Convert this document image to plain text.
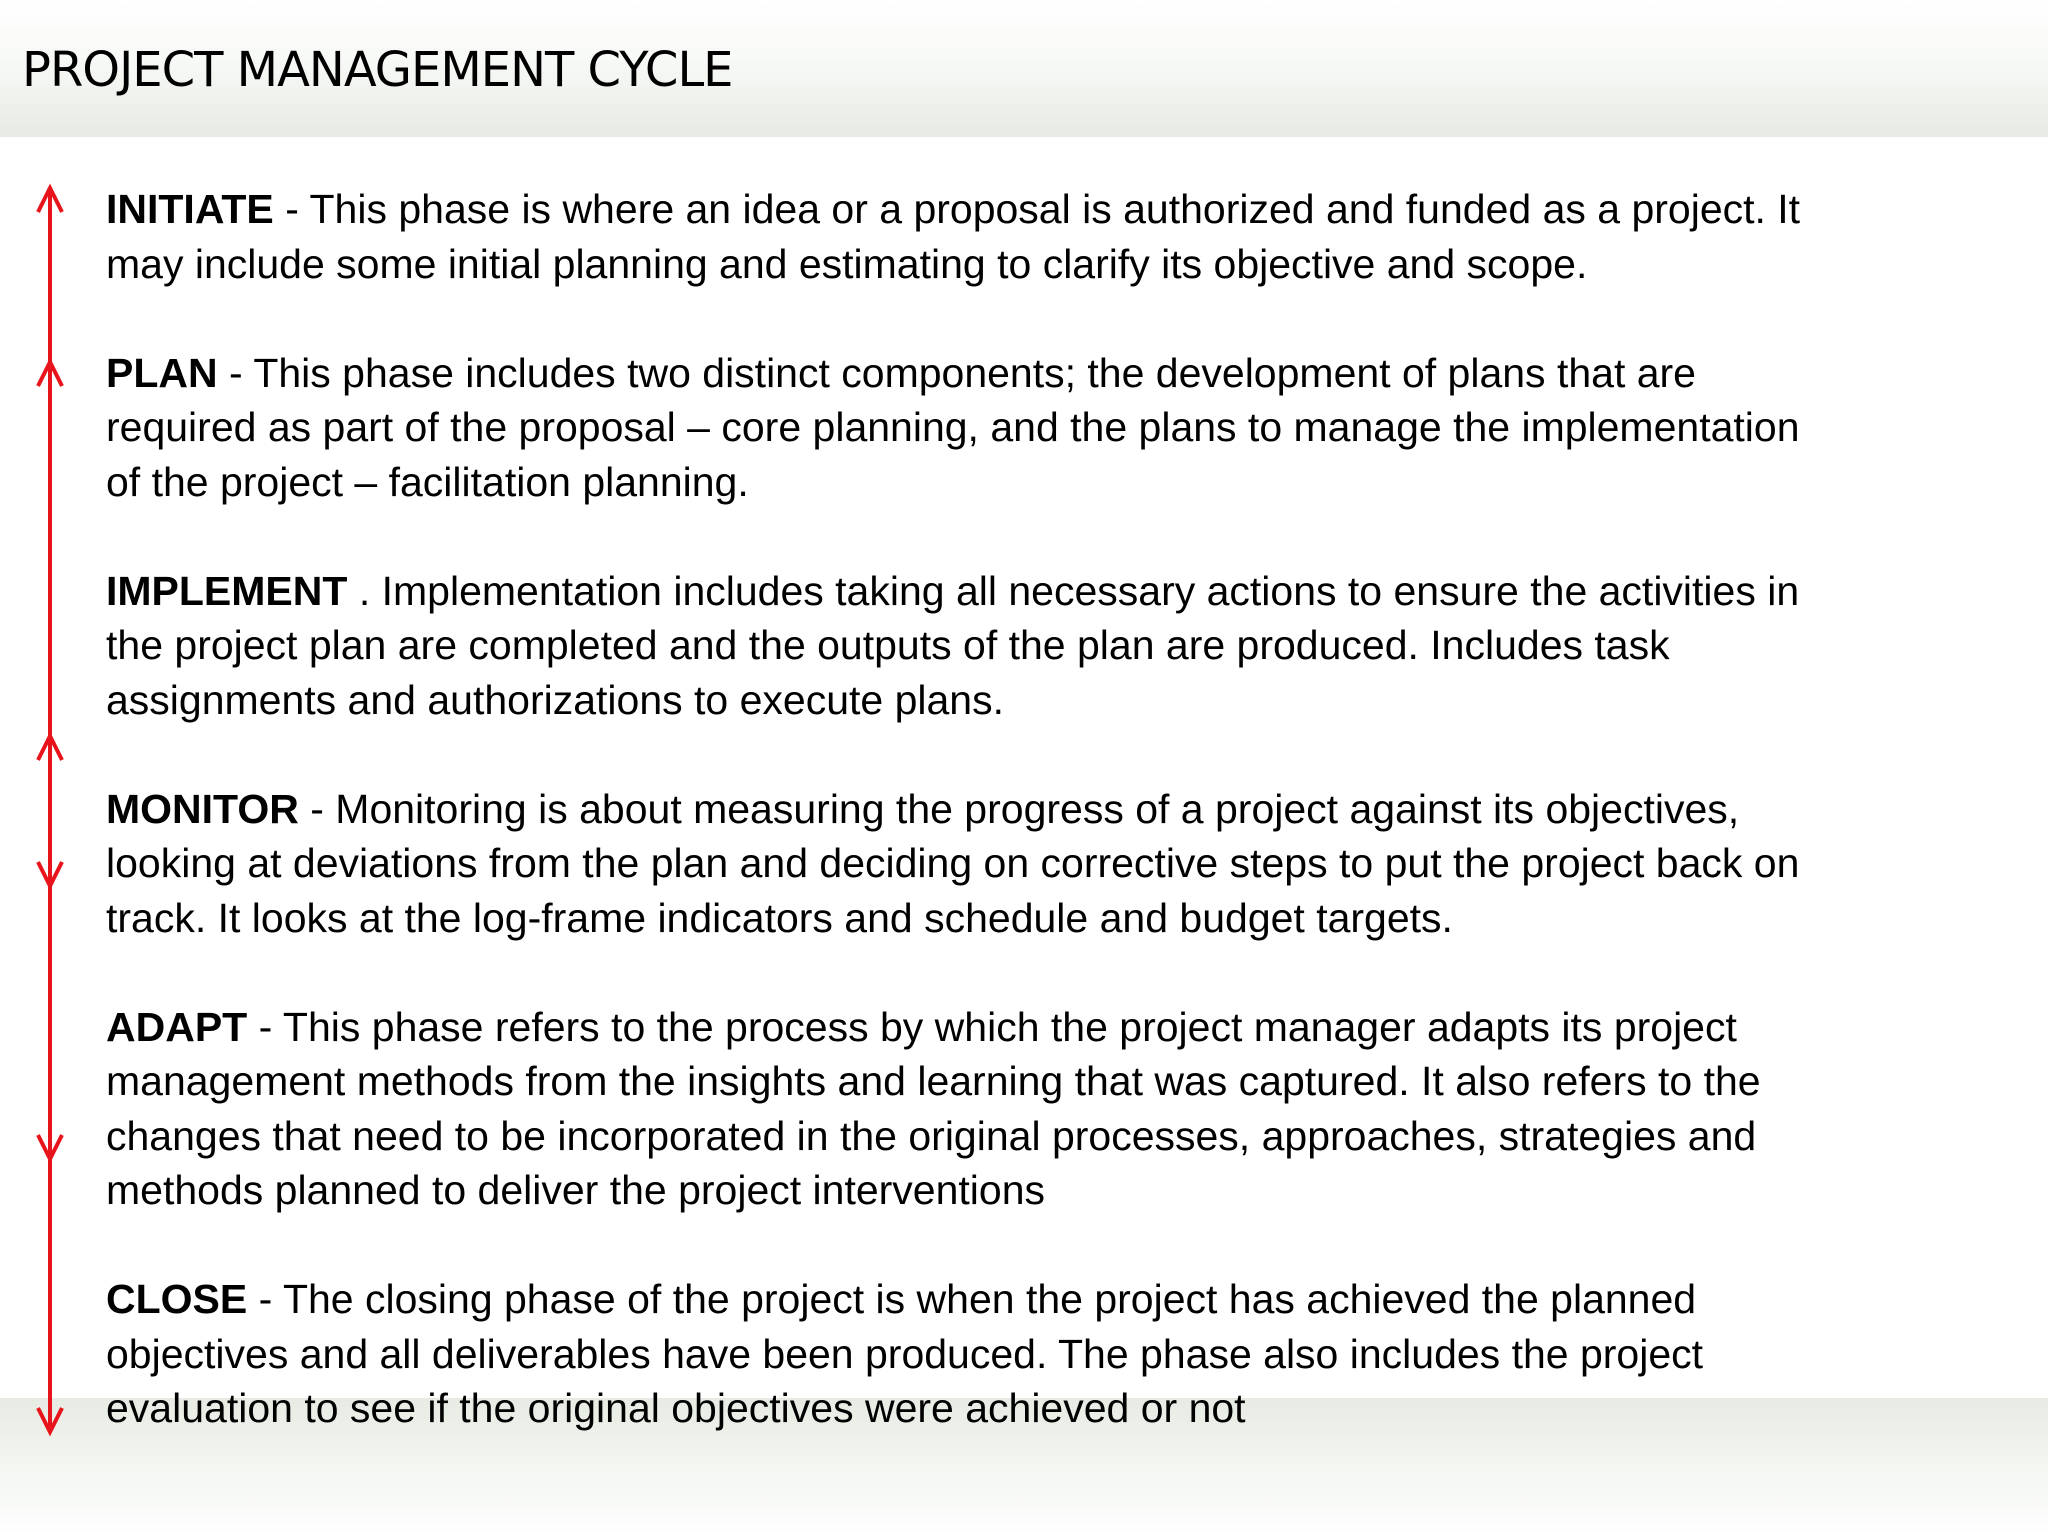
PROJECT MANAGEMENT CYCLE

INITIATE - This phase is where an idea or a proposal is authorized and funded as a project. It
may include some initial planning and estimating to clarify its objective and scope.

PLAN - This phase includes two distinct components; the development of plans that are
required as part of the proposal – core planning, and the plans to manage the implementation
of the project – facilitation planning.

IMPLEMENT . Implementation includes taking all necessary actions to ensure the activities in
the project plan are completed and the outputs of the plan are produced. Includes task
assignments and authorizations to execute plans.

MONITOR - Monitoring is about measuring the progress of a project against its objectives,
looking at deviations from the plan and deciding on corrective steps to put the project back on
track. It looks at the log-frame indicators and schedule and budget targets.

ADAPT - This phase refers to the process by which the project manager adapts its project
management methods from the insights and learning that was captured. It also refers to the
changes that need to be incorporated in the original processes, approaches, strategies and
methods planned to deliver the project interventions

CLOSE - The closing phase of the project is when the project has achieved the planned
objectives and all deliverables have been produced. The phase also includes the project
evaluation to see if the original objectives were achieved or not
